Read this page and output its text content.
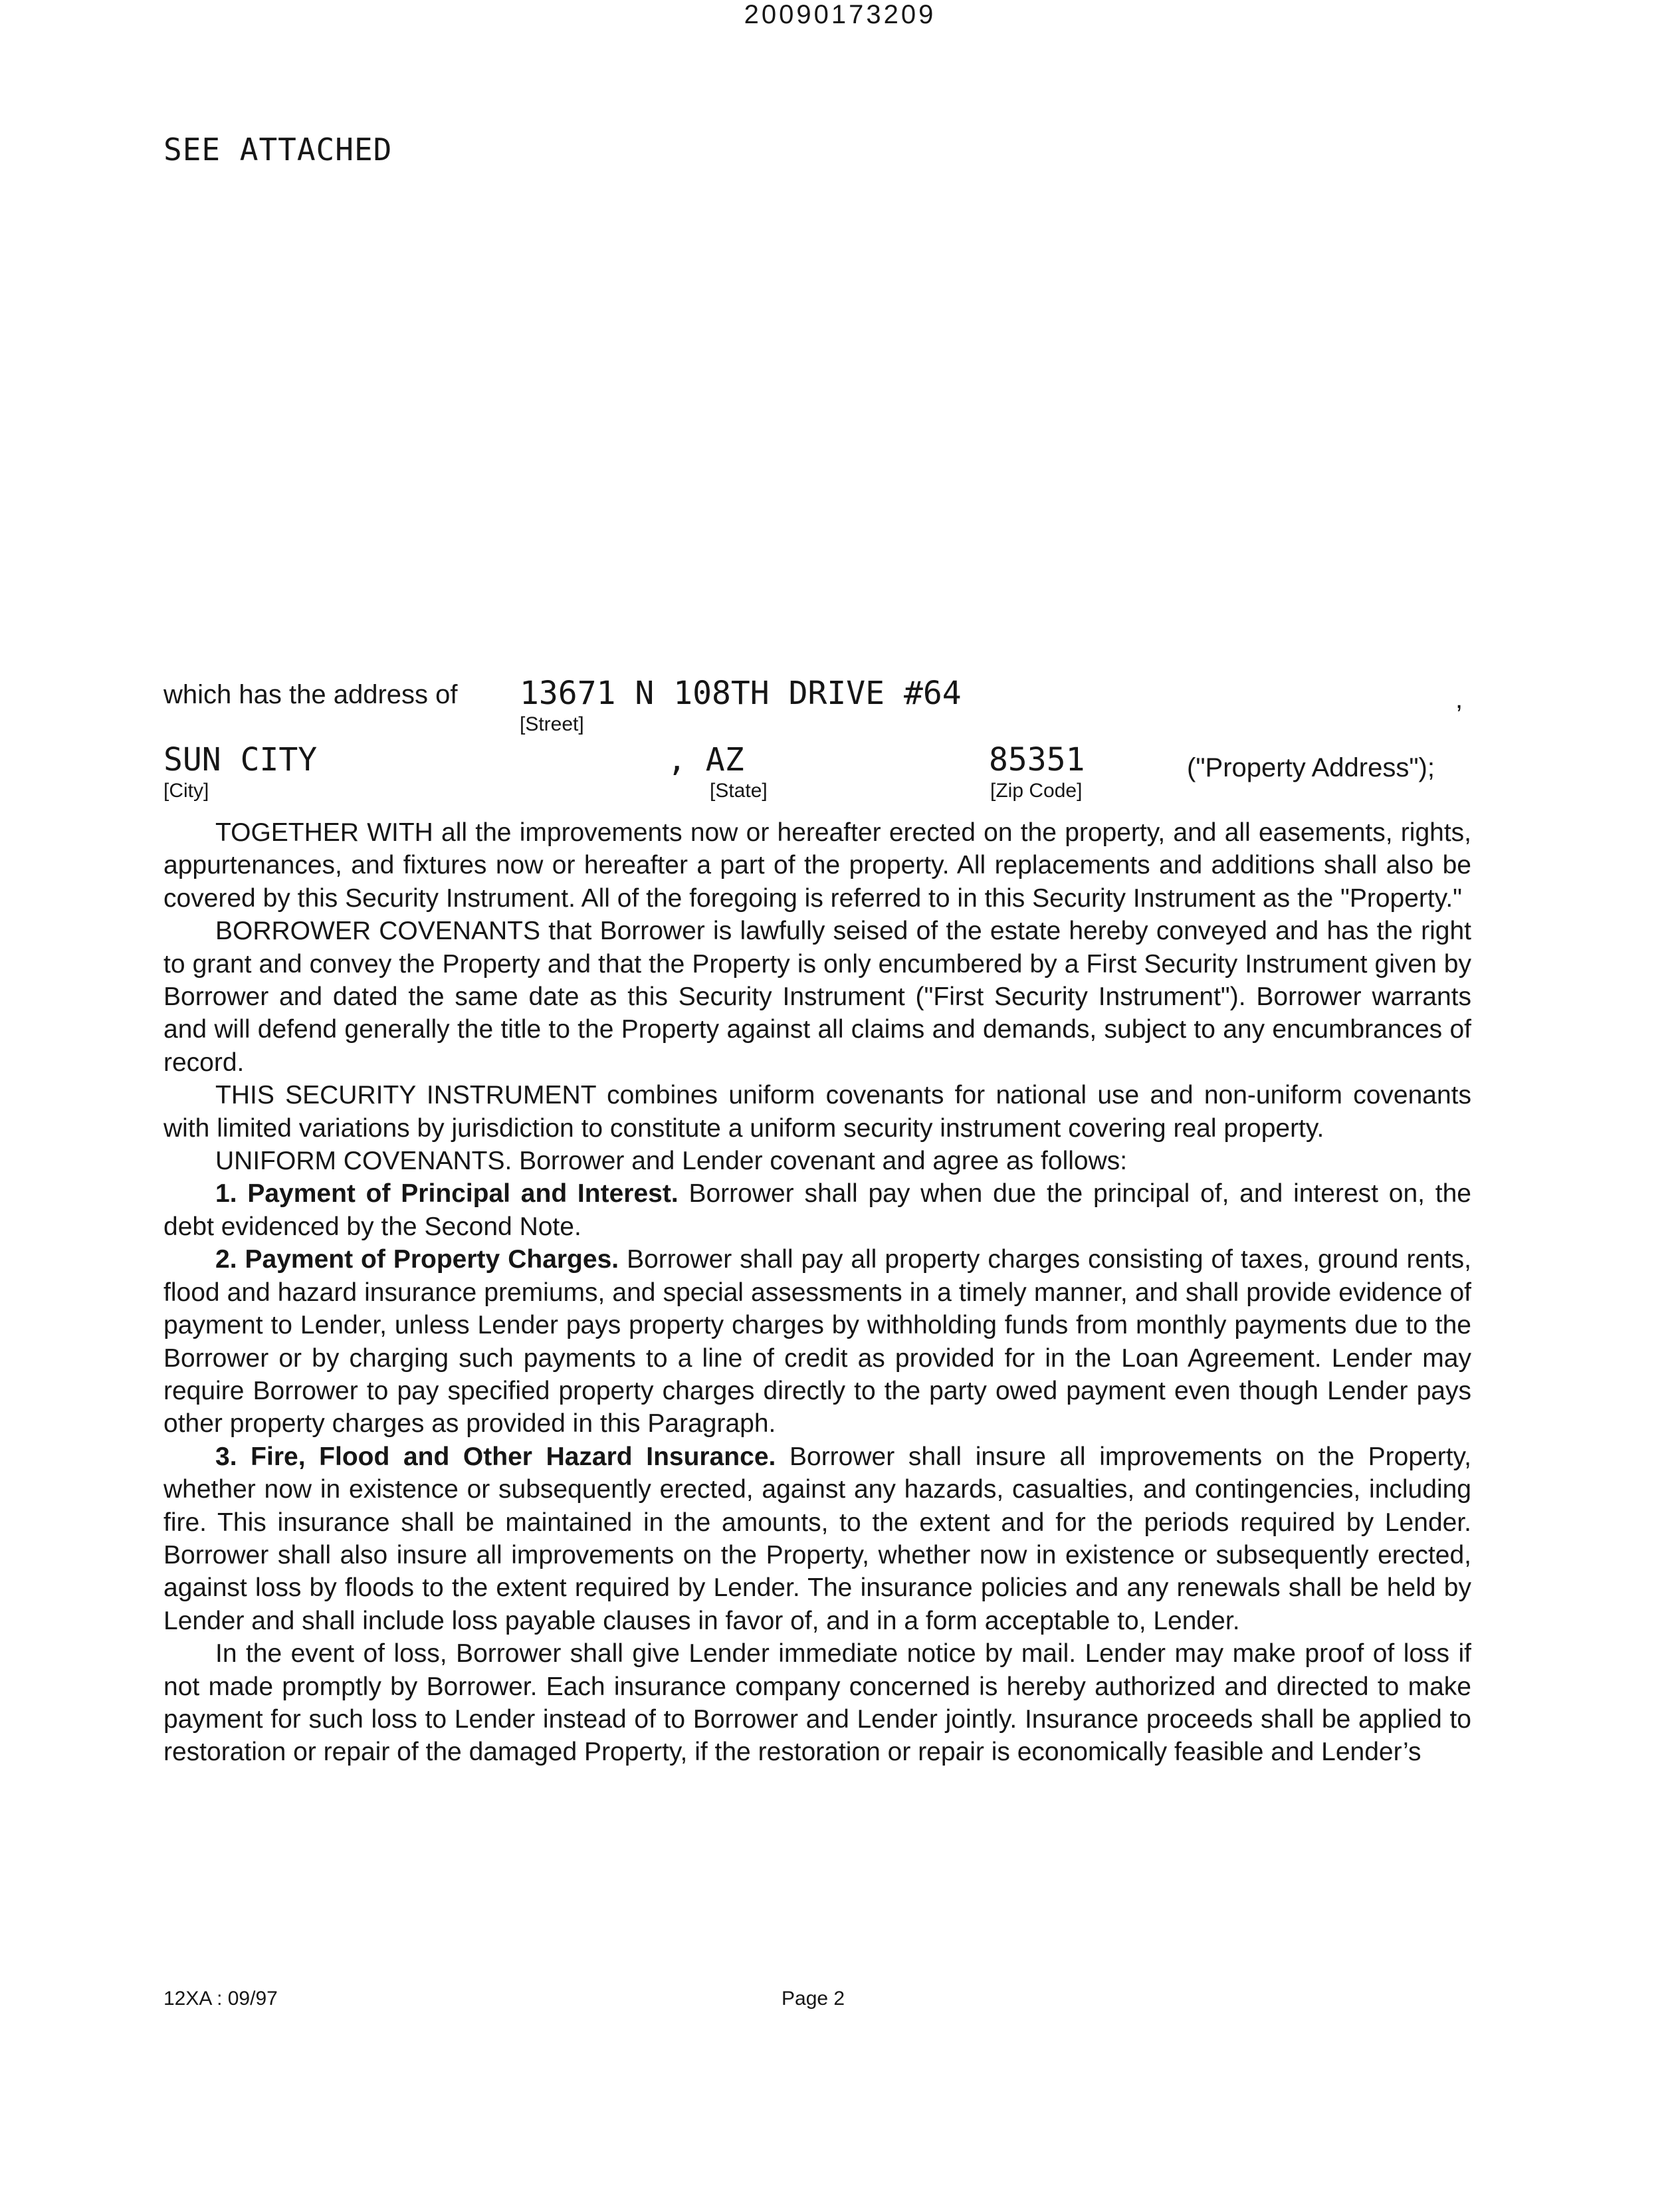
20090173209
SEE ATTACHED
which has the address of 13671 N 108TH DRIVE #64
[Street]
,
SUN CITY
[City]
, AZ
[State]
85351
[Zip Code]
("Property Address");

TOGETHER WITH all the improvements now or hereafter erected on the property, and all easements, rights, appurtenances, and fixtures now or hereafter a part of the property. All replacements and additions shall also be covered by this Security Instrument. All of the foregoing is referred to in this Security Instrument as the "Property."

BORROWER COVENANTS that Borrower is lawfully seised of the estate hereby conveyed and has the right to grant and convey the Property and that the Property is only encumbered by a First Security Instrument given by Borrower and dated the same date as this Security Instrument ("First Security Instrument"). Borrower warrants and will defend generally the title to the Property against all claims and demands, subject to any encumbrances of record.

THIS SECURITY INSTRUMENT combines uniform covenants for national use and non-uniform covenants with limited variations by jurisdiction to constitute a uniform security instrument covering real property.

UNIFORM COVENANTS. Borrower and Lender covenant and agree as follows:

1. Payment of Principal and Interest. Borrower shall pay when due the principal of, and interest on, the debt evidenced by the Second Note.

2. Payment of Property Charges. Borrower shall pay all property charges consisting of taxes, ground rents, flood and hazard insurance premiums, and special assessments in a timely manner, and shall provide evidence of payment to Lender, unless Lender pays property charges by withholding funds from monthly payments due to the Borrower or by charging such payments to a line of credit as provided for in the Loan Agreement. Lender may require Borrower to pay specified property charges directly to the party owed payment even though Lender pays other property charges as provided in this Paragraph.

3. Fire, Flood and Other Hazard Insurance. Borrower shall insure all improvements on the Property, whether now in existence or subsequently erected, against any hazards, casualties, and contingencies, including fire. This insurance shall be maintained in the amounts, to the extent and for the periods required by Lender. Borrower shall also insure all improvements on the Property, whether now in existence or subsequently erected, against loss by floods to the extent required by Lender. The insurance policies and any renewals shall be held by Lender and shall include loss payable clauses in favor of, and in a form acceptable to, Lender.

In the event of loss, Borrower shall give Lender immediate notice by mail. Lender may make proof of loss if not made promptly by Borrower. Each insurance company concerned is hereby authorized and directed to make payment for such loss to Lender instead of to Borrower and Lender jointly. Insurance proceeds shall be applied to restoration or repair of the damaged Property, if the restoration or repair is economically feasible and Lender’s

12XA : 09/97	Page 2
